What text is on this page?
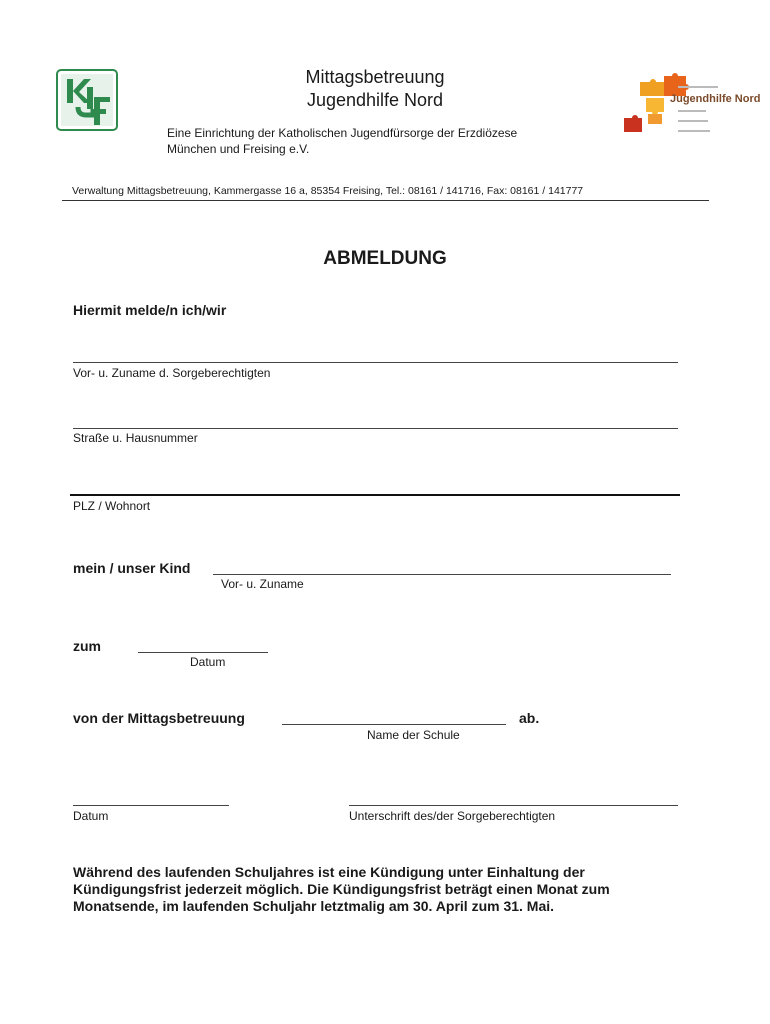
Mittagsbetreuung
Jugendhilfe Nord	Jugendhilfe Nord
Eine Einrichtung der Katholischen Jugendfürsorge der Erzdiözese
München und Freising e.V.
Verwaltung Mittagsbetreuung, Kammergasse 16 a, 85354 Freising, Tel.: 08161 / 141716, Fax: 08161 / 141777
ABMELDUNG
Hiermit melde/n ich/wir
Vor- u. Zuname d. Sorgeberechtigten
Straße u. Hausnummer
PLZ / Wohnort
mein / unser Kind
Vor- u. Zuname
zum
Datum
von der Mittagsbetreuung	ab.
Name der Schule
Datum	Unterschrift des/der Sorgeberechtigten
Während des laufenden Schuljahres ist eine Kündigung unter Einhaltung der Kündigungsfrist jederzeit möglich. Die Kündigungsfrist beträgt einen Monat zum Monatsende, im laufenden Schuljahr letztmalig am 30. April zum 31. Mai.
